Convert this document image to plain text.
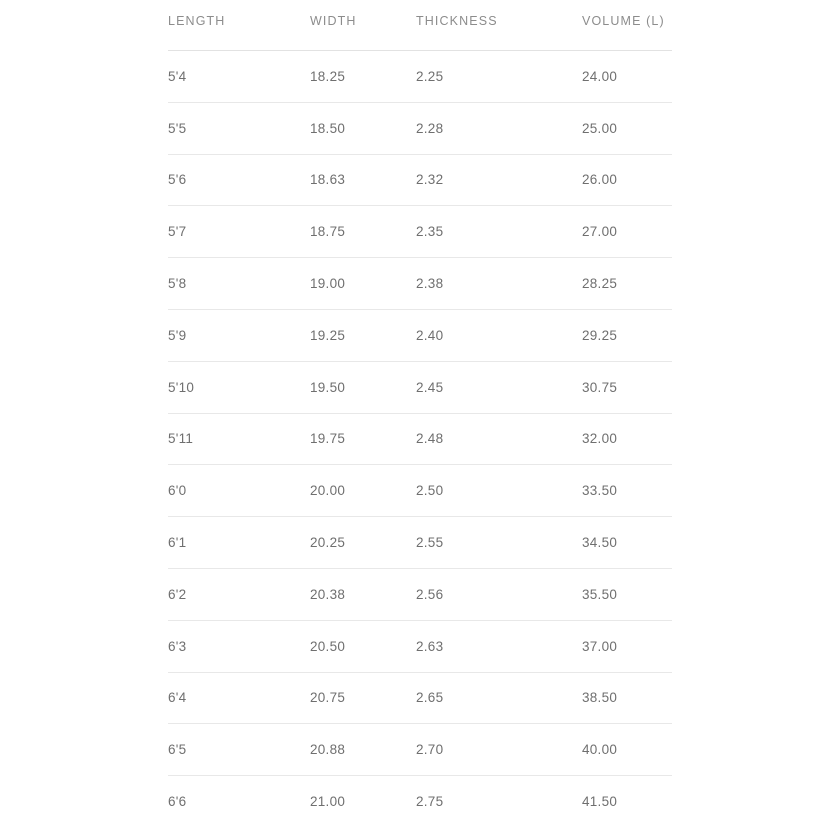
LENGTH	WIDTH	THICKNESS	VOLUME (L)
5'4	18.25	2.25	24.00
5'5	18.50	2.28	25.00
5'6	18.63	2.32	26.00
5'7	18.75	2.35	27.00
5'8	19.00	2.38	28.25
5'9	19.25	2.40	29.25
5'10	19.50	2.45	30.75
5'11	19.75	2.48	32.00
6'0	20.00	2.50	33.50
6'1	20.25	2.55	34.50
6'2	20.38	2.56	35.50
6'3	20.50	2.63	37.00
6'4	20.75	2.65	38.50
6'5	20.88	2.70	40.00
6'6	21.00	2.75	41.50
